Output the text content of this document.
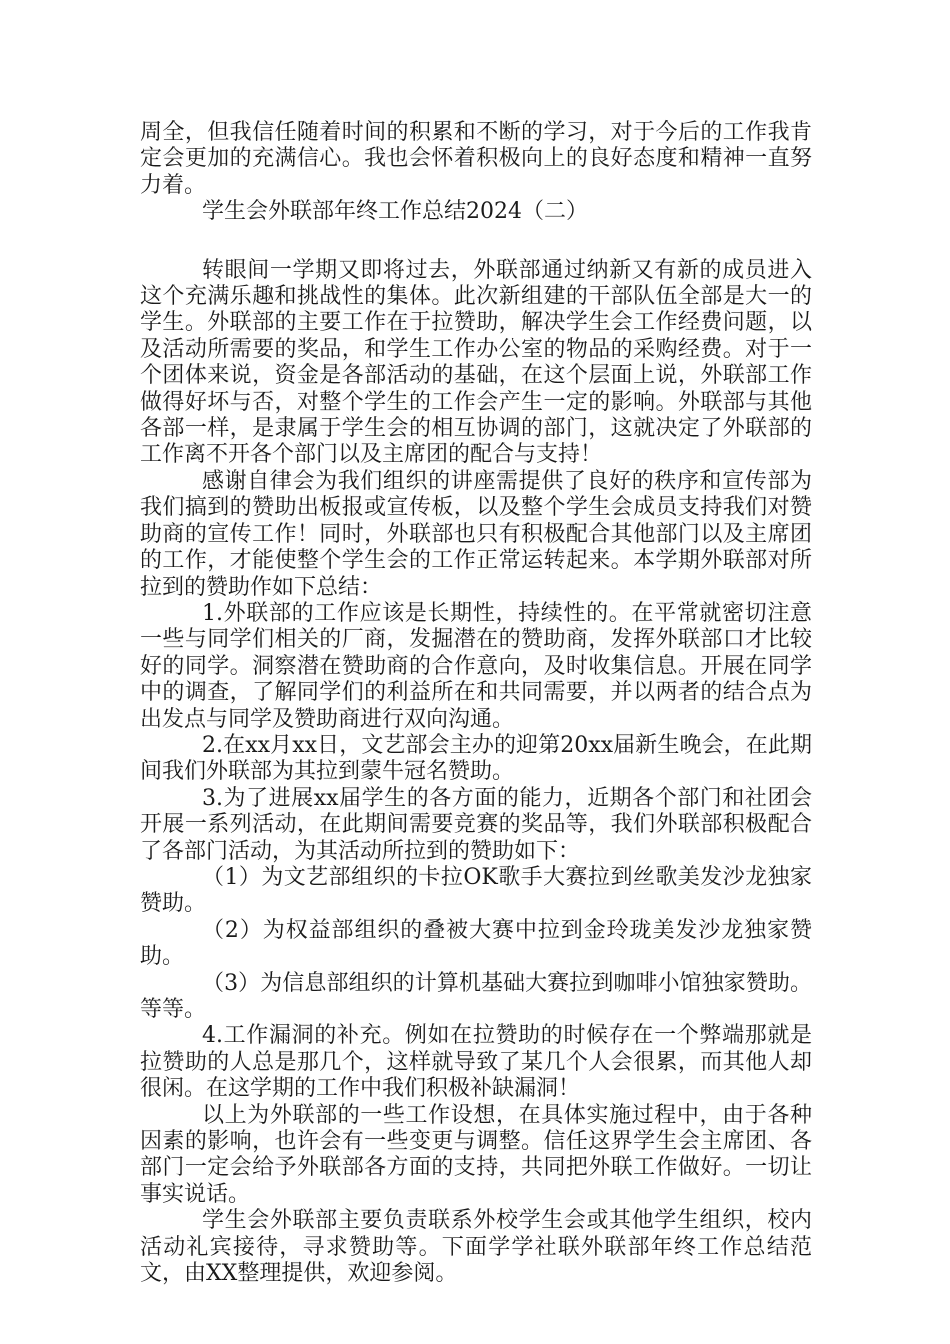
周全，但我信任随着时间的积累和不断的学习，对于今后的工作我肯定会更加的充满信心。我也会怀着积极向上的良好态度和精神一直努力着。

学生会外联部年终工作总结2024（二）

转眼间一学期又即将过去，外联部通过纳新又有新的成员进入这个充满乐趣和挑战性的集体。此次新组建的干部队伍全部是大一的学生。外联部的主要工作在于拉赞助，解决学生会工作经费问题，以及活动所需要的奖品，和学生工作办公室的物品的采购经费。对于一个团体来说，资金是各部活动的基础，在这个层面上说，外联部工作做得好坏与否，对整个学生的工作会产生一定的影响。外联部与其他各部一样，是隶属于学生会的相互协调的部门，这就决定了外联部的工作离不开各个部门以及主席团的配合与支持！

感谢自律会为我们组织的讲座需提供了良好的秩序和宣传部为我们搞到的赞助出板报或宣传板，以及整个学生会成员支持我们对赞助商的宣传工作！同时，外联部也只有积极配合其他部门以及主席团的工作，才能使整个学生会的工作正常运转起来。本学期外联部对所拉到的赞助作如下总结：

1.外联部的工作应该是长期性，持续性的。在平常就密切注意一些与同学们相关的厂商，发掘潜在的赞助商，发挥外联部口才比较好的同学。洞察潜在赞助商的合作意向，及时收集信息。开展在同学中的调查，了解同学们的利益所在和共同需要，并以两者的结合点为出发点与同学及赞助商进行双向沟通。

2.在xx月xx日，文艺部会主办的迎第20xx届新生晚会，在此期间我们外联部为其拉到蒙牛冠名赞助。

3.为了进展xx届学生的各方面的能力，近期各个部门和社团会开展一系列活动，在此期间需要竞赛的奖品等，我们外联部积极配合了各部门活动，为其活动所拉到的赞助如下：

（1）为文艺部组织的卡拉OK歌手大赛拉到丝歌美发沙龙独家赞助。

（2）为权益部组织的叠被大赛中拉到金玲珑美发沙龙独家赞助。

（3）为信息部组织的计算机基础大赛拉到咖啡小馆独家赞助。等等。

4.工作漏洞的补充。例如在拉赞助的时候存在一个弊端那就是拉赞助的人总是那几个，这样就导致了某几个人会很累，而其他人却很闲。在这学期的工作中我们积极补缺漏洞！

以上为外联部的一些工作设想，在具体实施过程中，由于各种因素的影响，也许会有一些变更与调整。信任这界学生会主席团、各部门一定会给予外联部各方面的支持，共同把外联工作做好。一切让事实说话。

学生会外联部主要负责联系外校学生会或其他学生组织，校内活动礼宾接待，寻求赞助等。下面学学社联外联部年终工作总结范文，由XX整理提供，欢迎参阅。
